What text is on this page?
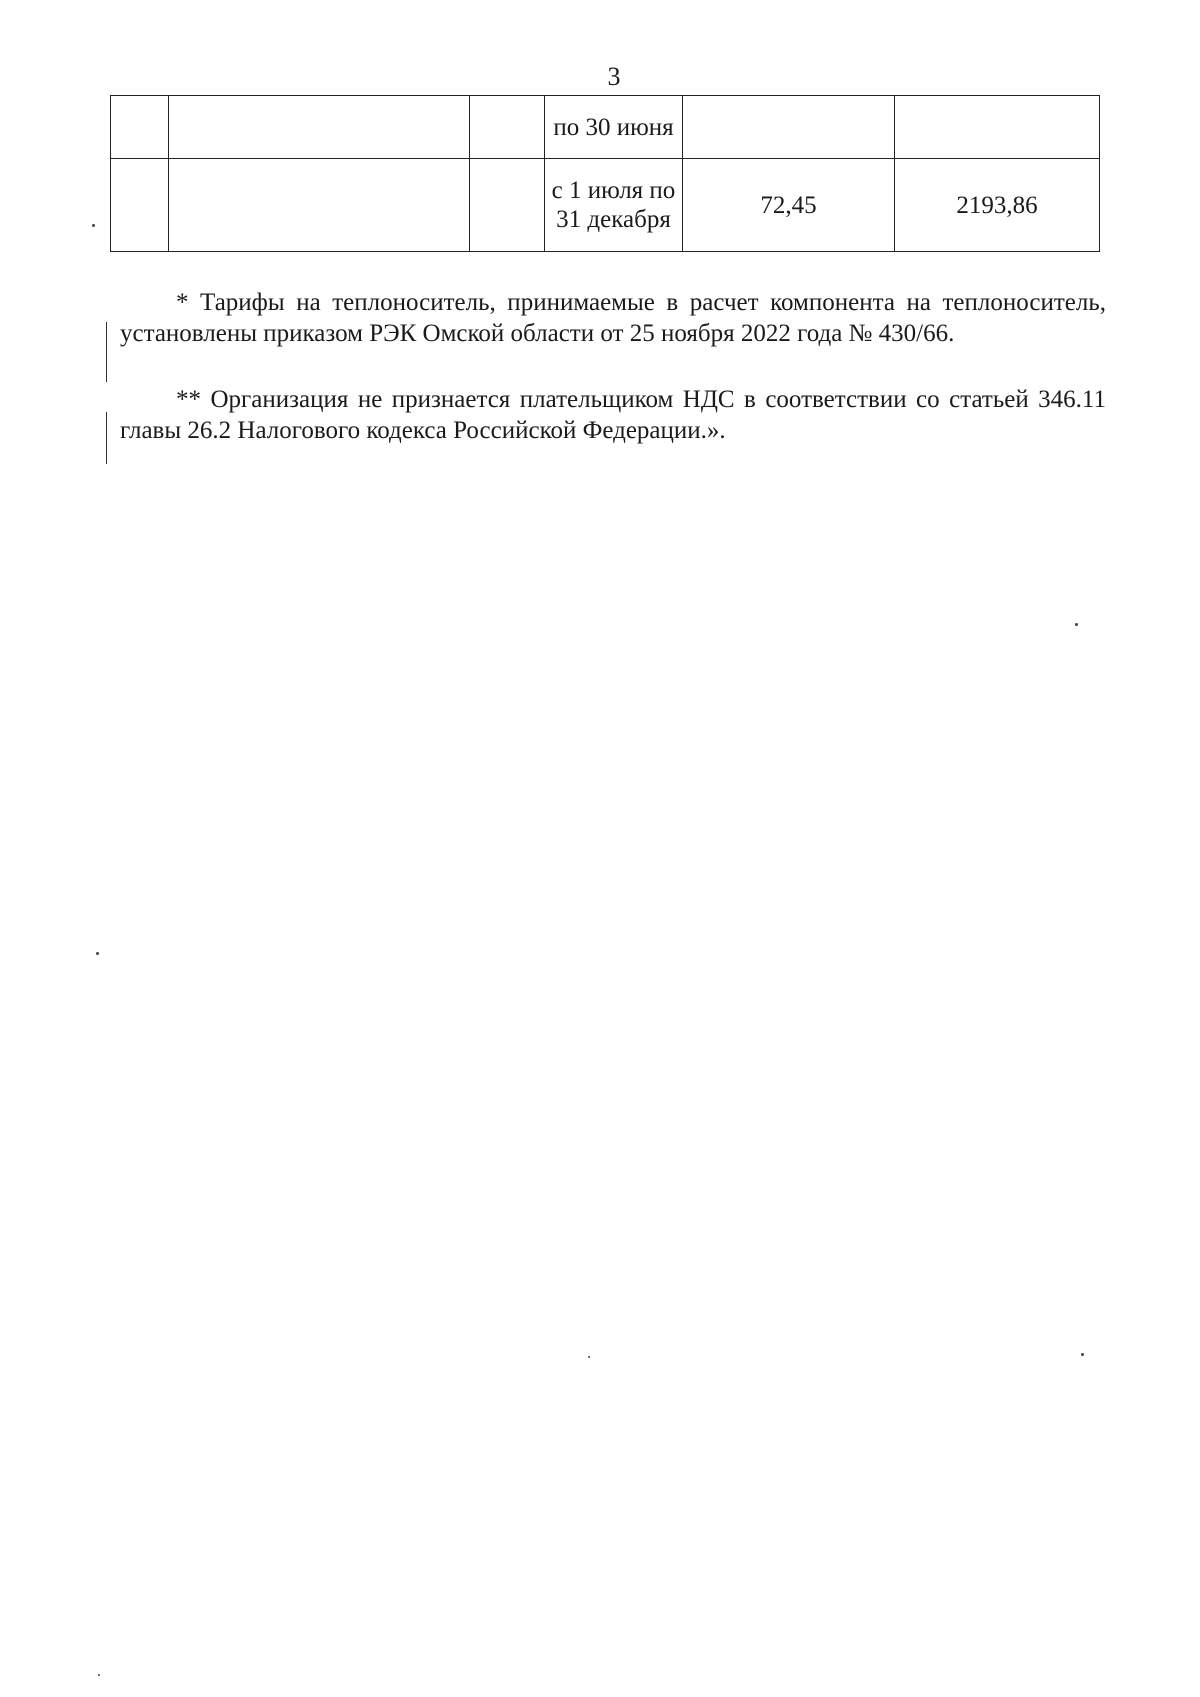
3
			по 30 июня		
			с 1 июля по 31 декабря	72,45	2193,86

* Тарифы на теплоноситель, принимаемые в расчет компонента на теплоноситель, установлены приказом РЭК Омской области от 25 ноября 2022 года № 430/66.

** Организация не признается плательщиком НДС в соответствии со статьей 346.11 главы 26.2 Налогового кодекса Российской Федерации.».
